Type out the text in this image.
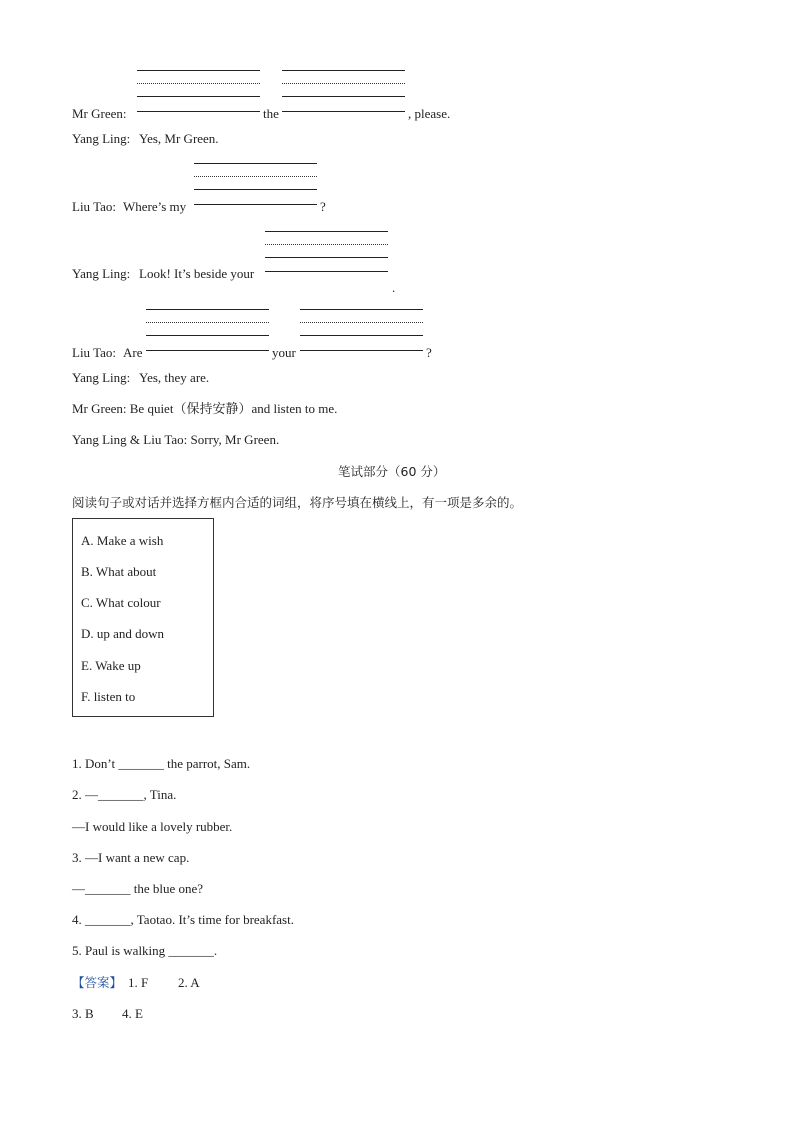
Mr Green:	the	, please.
Yang Ling: Yes, Mr Green.
Liu Tao: Where’s my	?
Yang Ling: Look! It’s beside your
.
Liu Tao: Are	your	?
Yang Ling: Yes, they are.
Mr Green: Be quiet（保持安静）and listen to me.
Yang Ling & Liu Tao: Sorry, Mr Green.
笔试部分（60 分）
阅读句子或对话并选择方框内合适的词组，将序号填在横线上，有一项是多余的。
A. Make a wish
B. What about
C. What colour
D. up and down
E. Wake up
F. listen to
1. Don’t _______ the parrot, Sam.
2. —_______, Tina.
—I would like a lovely rubber.
3. —I want a new cap.
—_______ the blue one?
4. _______, Taotao. It’s time for breakfast.
5. Paul is walking _______.
【答案】 1. F 2. A
3. B 4. E
